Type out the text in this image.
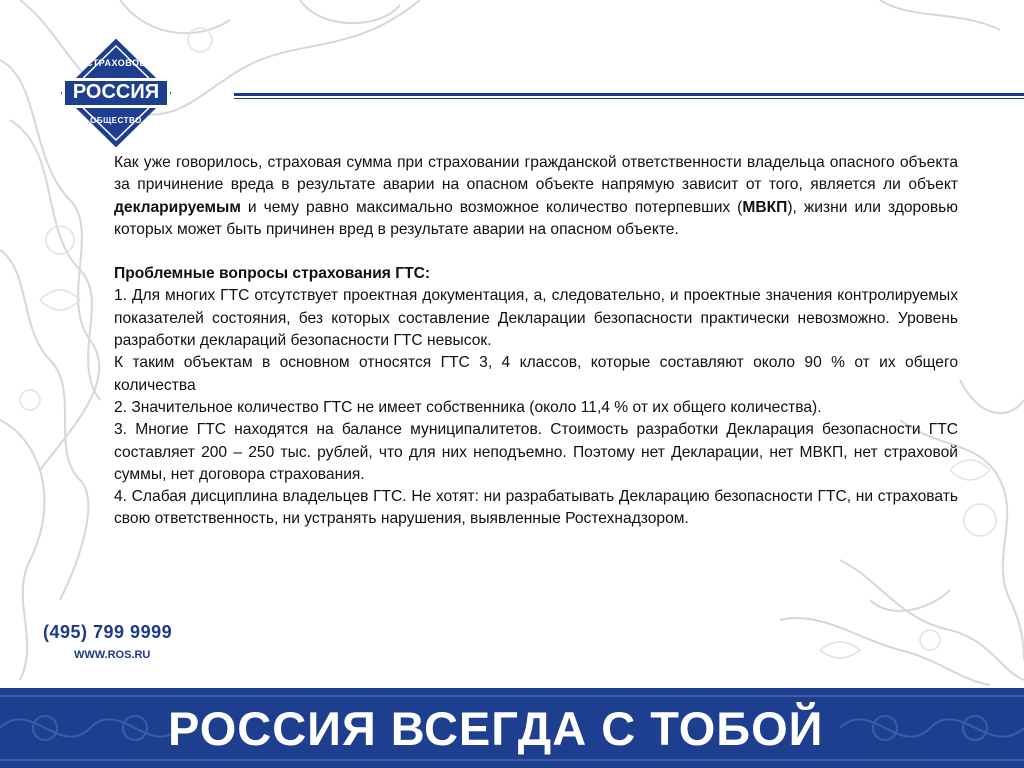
СТРАХОВОЕ
РОССИЯ
ОБЩЕСТВО

Как уже говорилось, страховая сумма при страховании гражданской ответственности владельца опасного объекта за причинение вреда в результате аварии на опасном объекте напрямую зависит от того, является ли объект декларируемым и чему равно максимально возможное количество потерпевших (МВКП), жизни или здоровью которых может быть причинен вред в результате аварии на опасном объекте.

Проблемные вопросы страхования ГТС:

1. Для многих ГТС отсутствует проектная документация, а, следовательно, и проектные значения контролируемых показателей состояния, без которых составление Декларации безопасности практически невозможно. Уровень разработки деклараций безопасности ГТС невысок.

К таким объектам в основном относятся ГТС 3, 4 классов, которые составляют около 90 % от их общего количества

2. Значительное количество ГТС не имеет собственника (около 11,4 % от их общего количества).

3. Многие ГТС находятся на балансе муниципалитетов. Стоимость разработки Декларация безопасности ГТС составляет 200 – 250 тыс. рублей, что для них неподъемно. Поэтому нет Декларации, нет МВКП, нет страховой суммы, нет договора страхования.

4. Слабая дисциплина владельцев ГТС. Не хотят: ни разрабатывать Декларацию безопасности ГТС, ни страховать свою ответственность, ни устранять нарушения, выявленные Ростехнадзором.

(495) 799 9999
WWW.ROS.RU
РОССИЯ ВСЕГДА С ТОБОЙ
